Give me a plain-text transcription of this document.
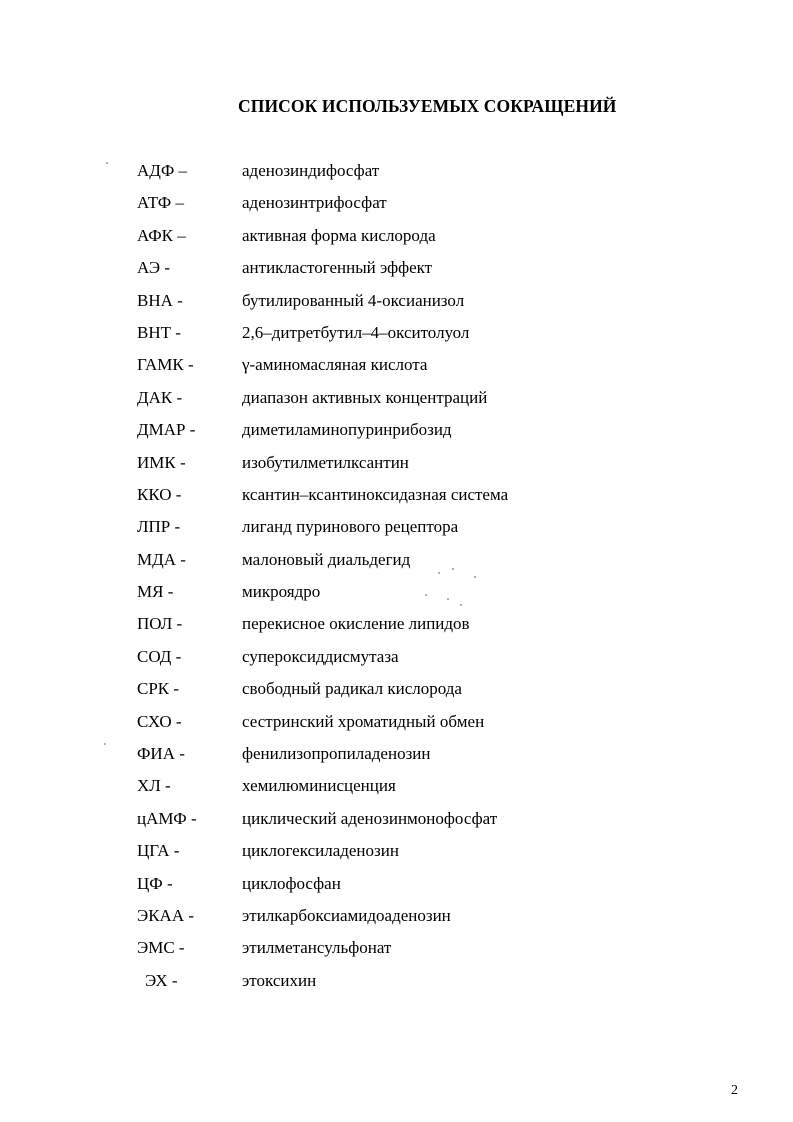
СПИСОК ИСПОЛЬЗУЕМЫХ СОКРАЩЕНИЙ
АДФ –	аденозиндифосфат
АТФ –	аденозинтрифосфат
АФК –	активная форма кислорода
АЭ -	антикластогенный эффект
ВНА -	бутилированный 4-оксианизол
ВНТ -	2,6–дитретбутил–4–окситолуол
ГАМК -	γ-аминомасляная кислота
ДАК -	диапазон активных концентраций
ДМАР -	диметиламинопуринрибозид
ИМК -	изобутилметилксантин
ККО -	ксантин–ксантиноксидазная система
ЛПР -	лиганд пуринового рецептора
МДА -	малоновый диальдегид
МЯ -	микроядро
ПОЛ -	перекисное окисление липидов
СОД -	супероксиддисмутаза
СРК -	свободный радикал кислорода
СХО -	сестринский хроматидный обмен
ФИА -	фенилизопропиладенозин
ХЛ -	хемилюминисценция
цАМФ -	циклический аденозинмонофосфат
ЦГА -	циклогексиладенозин
ЦФ -	циклофосфан
ЭКАА -	этилкарбоксиамидоаденозин
ЭМС -	этилметансульфонат
ЭХ -	этоксихин
2
